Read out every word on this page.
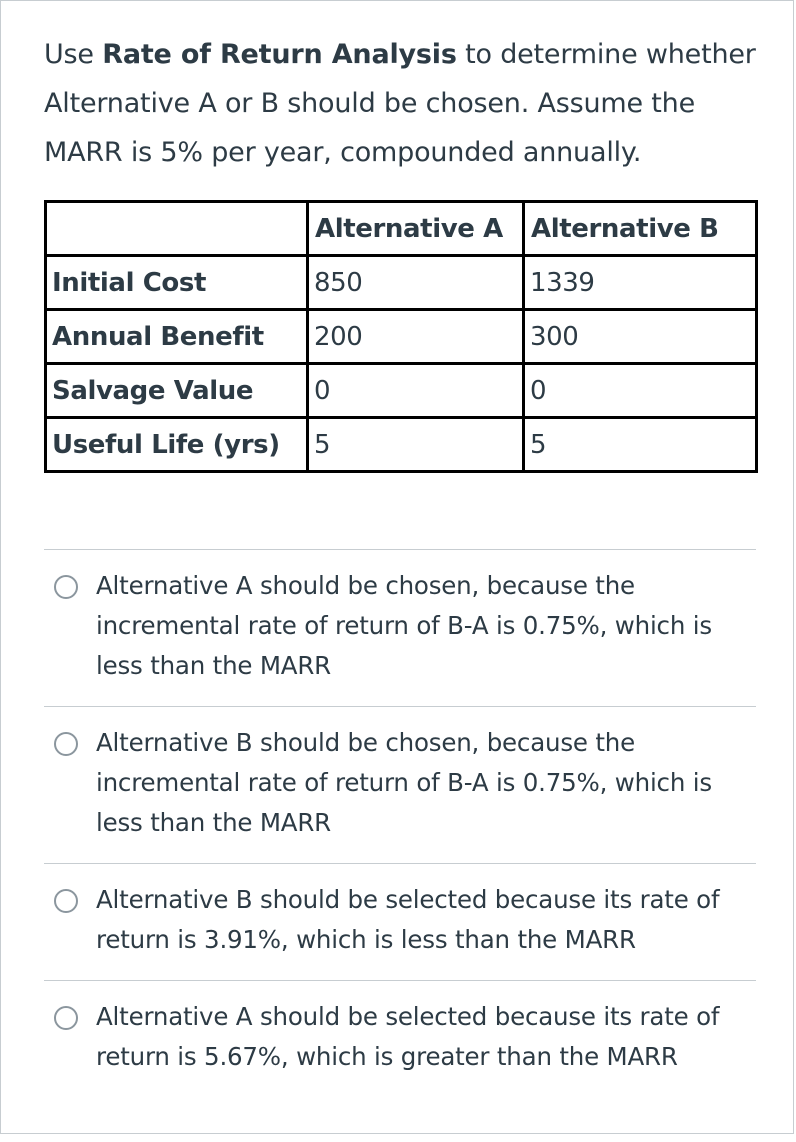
Use Rate of Return Analysis to determine whether Alternative A or B should be chosen. Assume the MARR is 5% per year, compounded annually.
	Alternative A	Alternative B
Initial Cost	850	1339
Annual Benefit	200	300
Salvage Value	0	0
Useful Life (yrs)	5	5
Alternative A should be chosen, because the incremental rate of return of B-A is 0.75%, which is less than the MARR
Alternative B should be chosen, because the incremental rate of return of B-A is 0.75%, which is less than the MARR
Alternative B should be selected because its rate of return is 3.91%, which is less than the MARR
Alternative A should be selected because its rate of return is 5.67%, which is greater than the MARR
